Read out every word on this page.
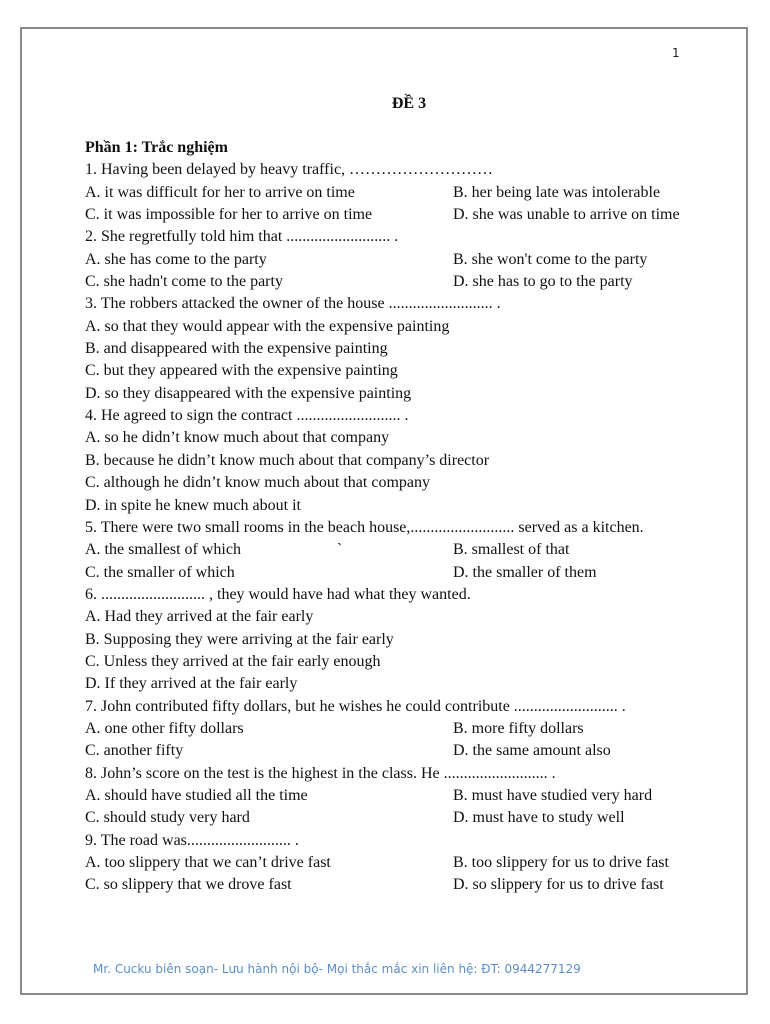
1
ĐỀ 3
Phần 1: Trắc nghiệm
1. Having been delayed by heavy traffic, ………………………
A. it was difficult for her to arrive on time	B. her being late was intolerable
C. it was impossible for her to arrive on time	D. she was unable to arrive on time
2. She regretfully told him that .......................... .
A. she has come to the party	B. she won't come to the party
C. she hadn't come to the party	D. she has to go to the party
3. The robbers attacked the owner of the house .......................... .
A. so that they would appear with the expensive painting
B. and disappeared with the expensive painting
C. but they appeared with the expensive painting
D. so they disappeared with the expensive painting
4. He agreed to sign the contract .......................... .
A. so he didn’t know much about that company
B. because he didn’t know much about that company’s director
C. although he didn’t know much about that company
D. in spite he knew much about it
5. There were two small rooms in the beach house,.......................... served as a kitchen.
A. the smallest of which                        `	B. smallest of that
C. the smaller of which	D. the smaller of them
6. .......................... , they would have had what they wanted.
A. Had they arrived at the fair early
B. Supposing they were arriving at the fair early
C. Unless they arrived at the fair early enough
D. If they arrived at the fair early
7. John contributed fifty dollars, but he wishes he could contribute .......................... .
A. one other fifty dollars	B. more fifty dollars
C. another fifty	D. the same amount also
8. John’s score on the test is the highest in the class. He .......................... .
A. should have studied all the time	B. must have studied very hard
C. should study very hard	D. must have to study well
9. The road was.......................... .
A. too slippery that we can’t drive fast	B. too slippery for us to drive fast
C. so slippery that we drove fast	D. so slippery for us to drive fast
Mr. Cucku biên soạn- Lưu hành nội bộ- Mọi thắc mắc xin liên hệ: ĐT: 0944277129
